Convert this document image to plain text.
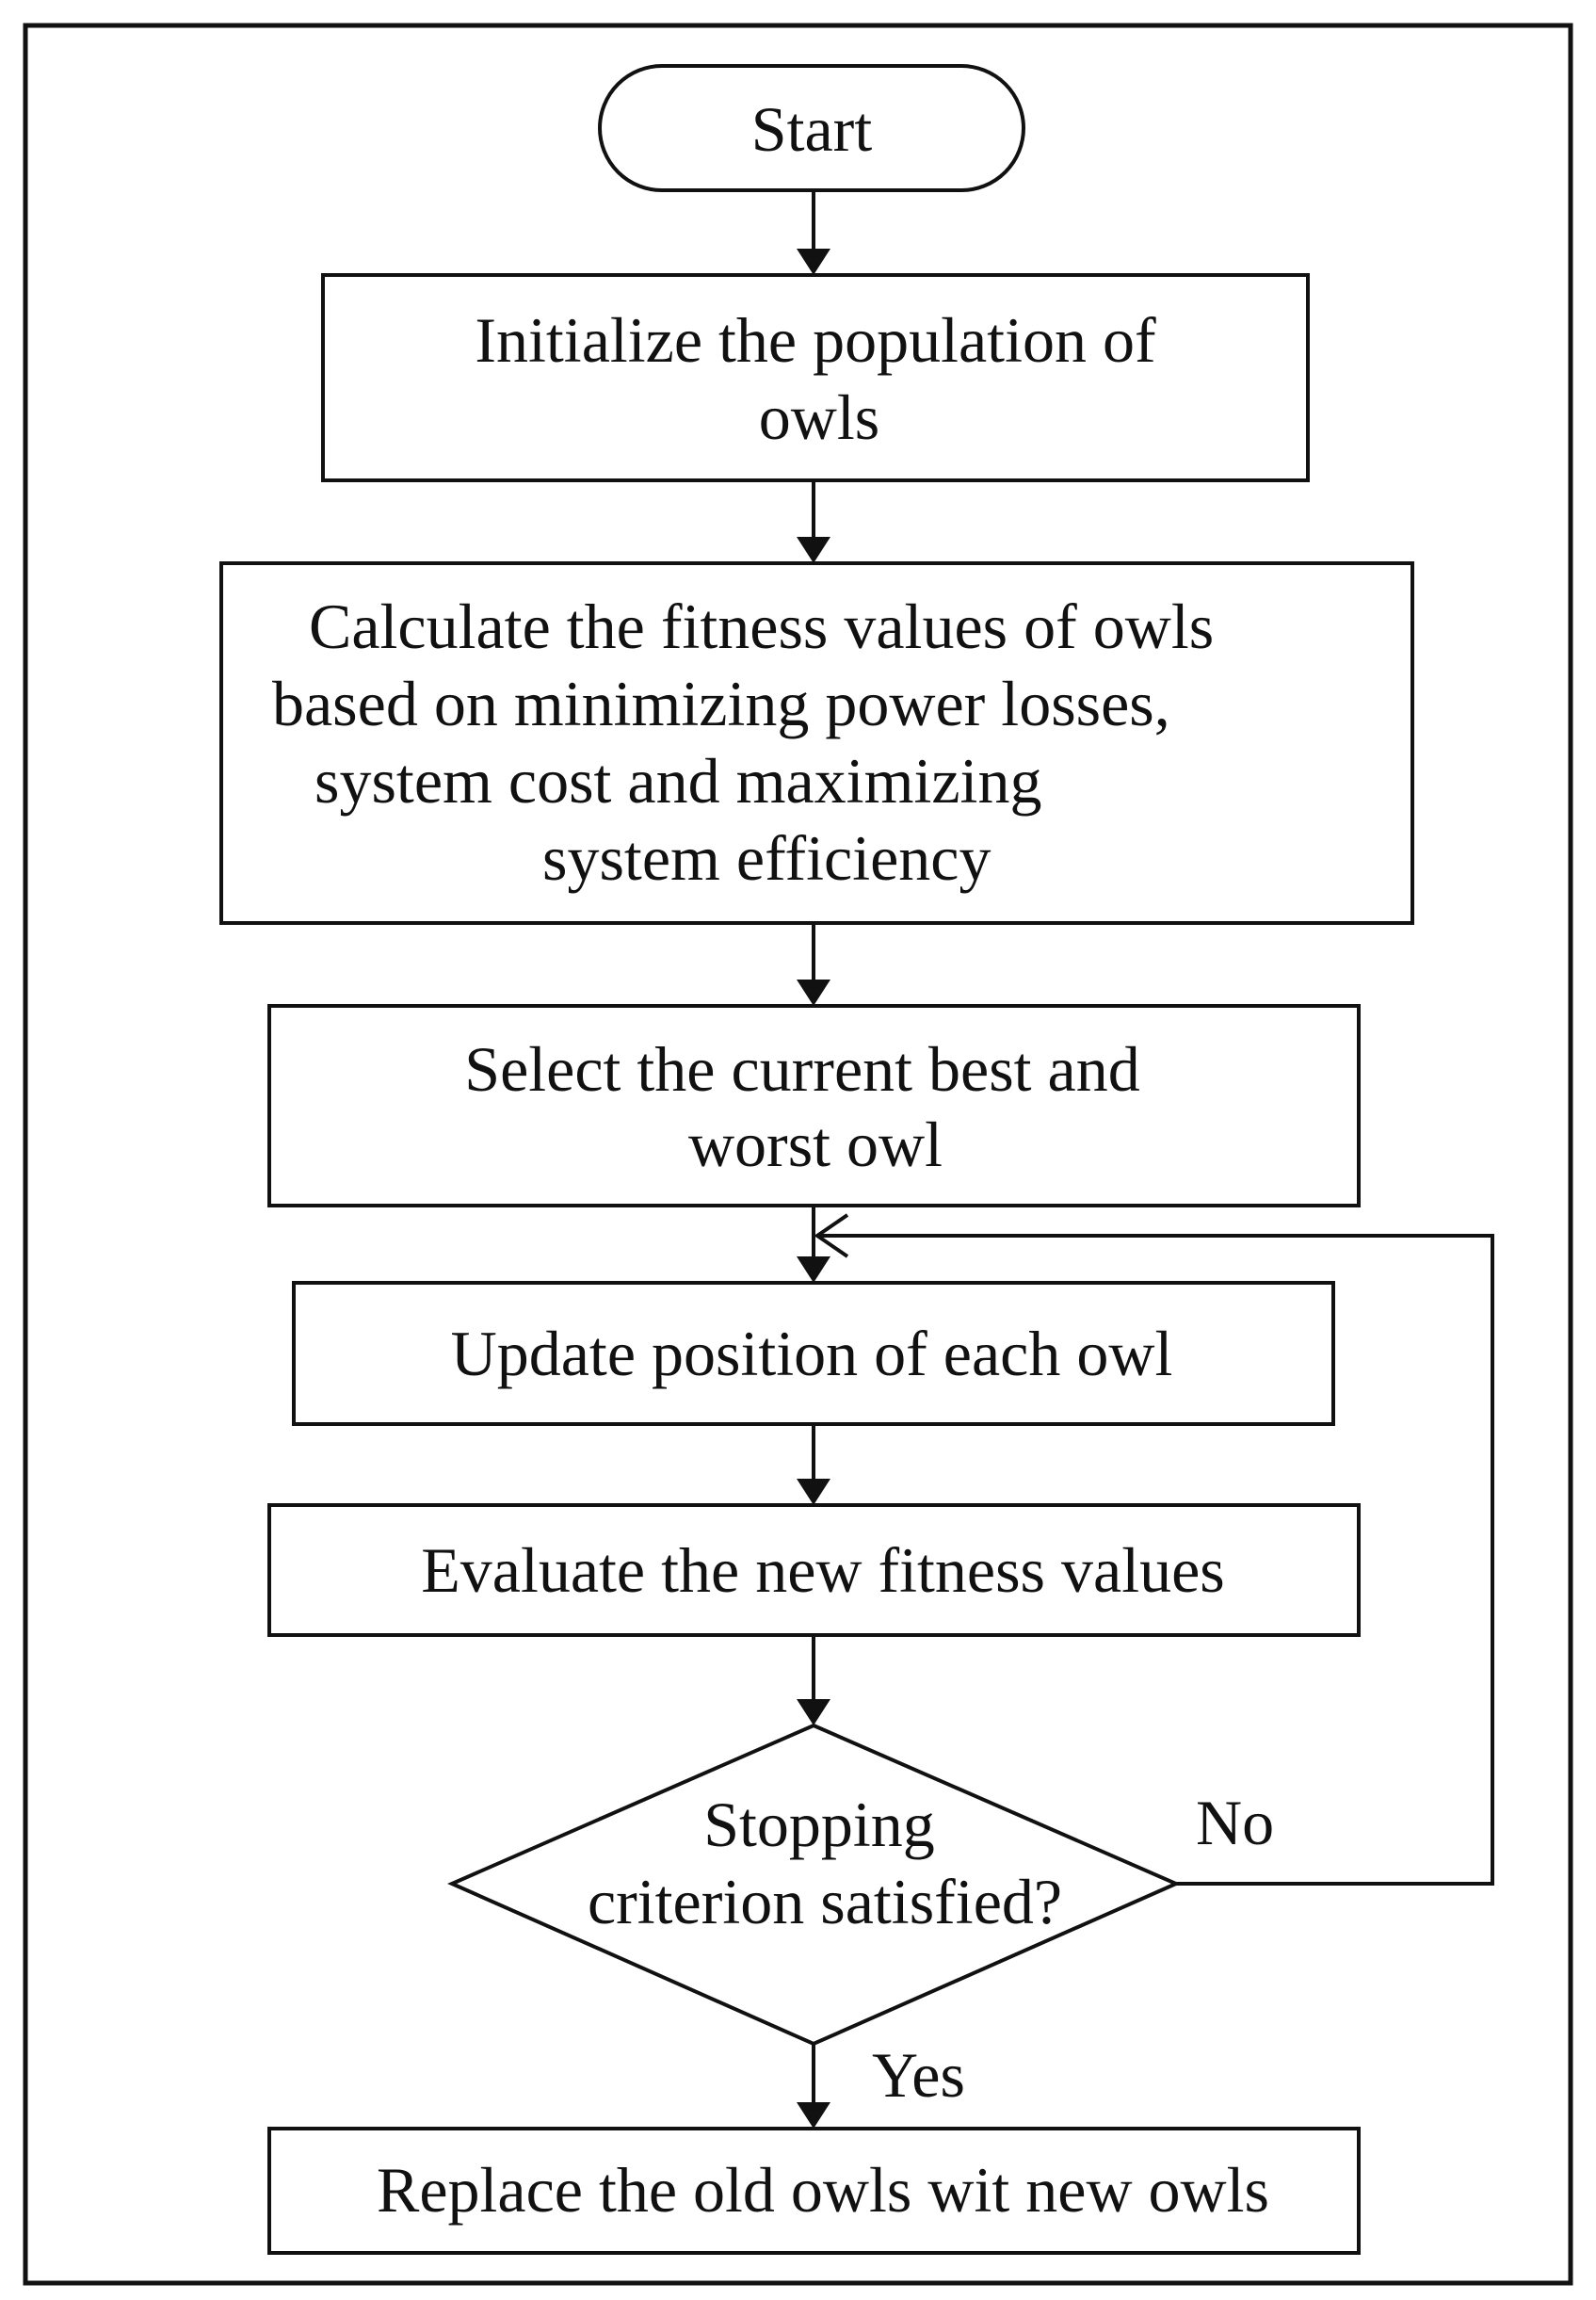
Start
Initialize the population of
owls
Calculate the fitness values of owls
based on minimizing power losses,
system cost and maximizing
system efficiency
Select the current best and
worst owl
Update position of each owl
Evaluate the new fitness values
Stopping
criterion satisfied?
No
Yes
Replace the old owls wit new owls
